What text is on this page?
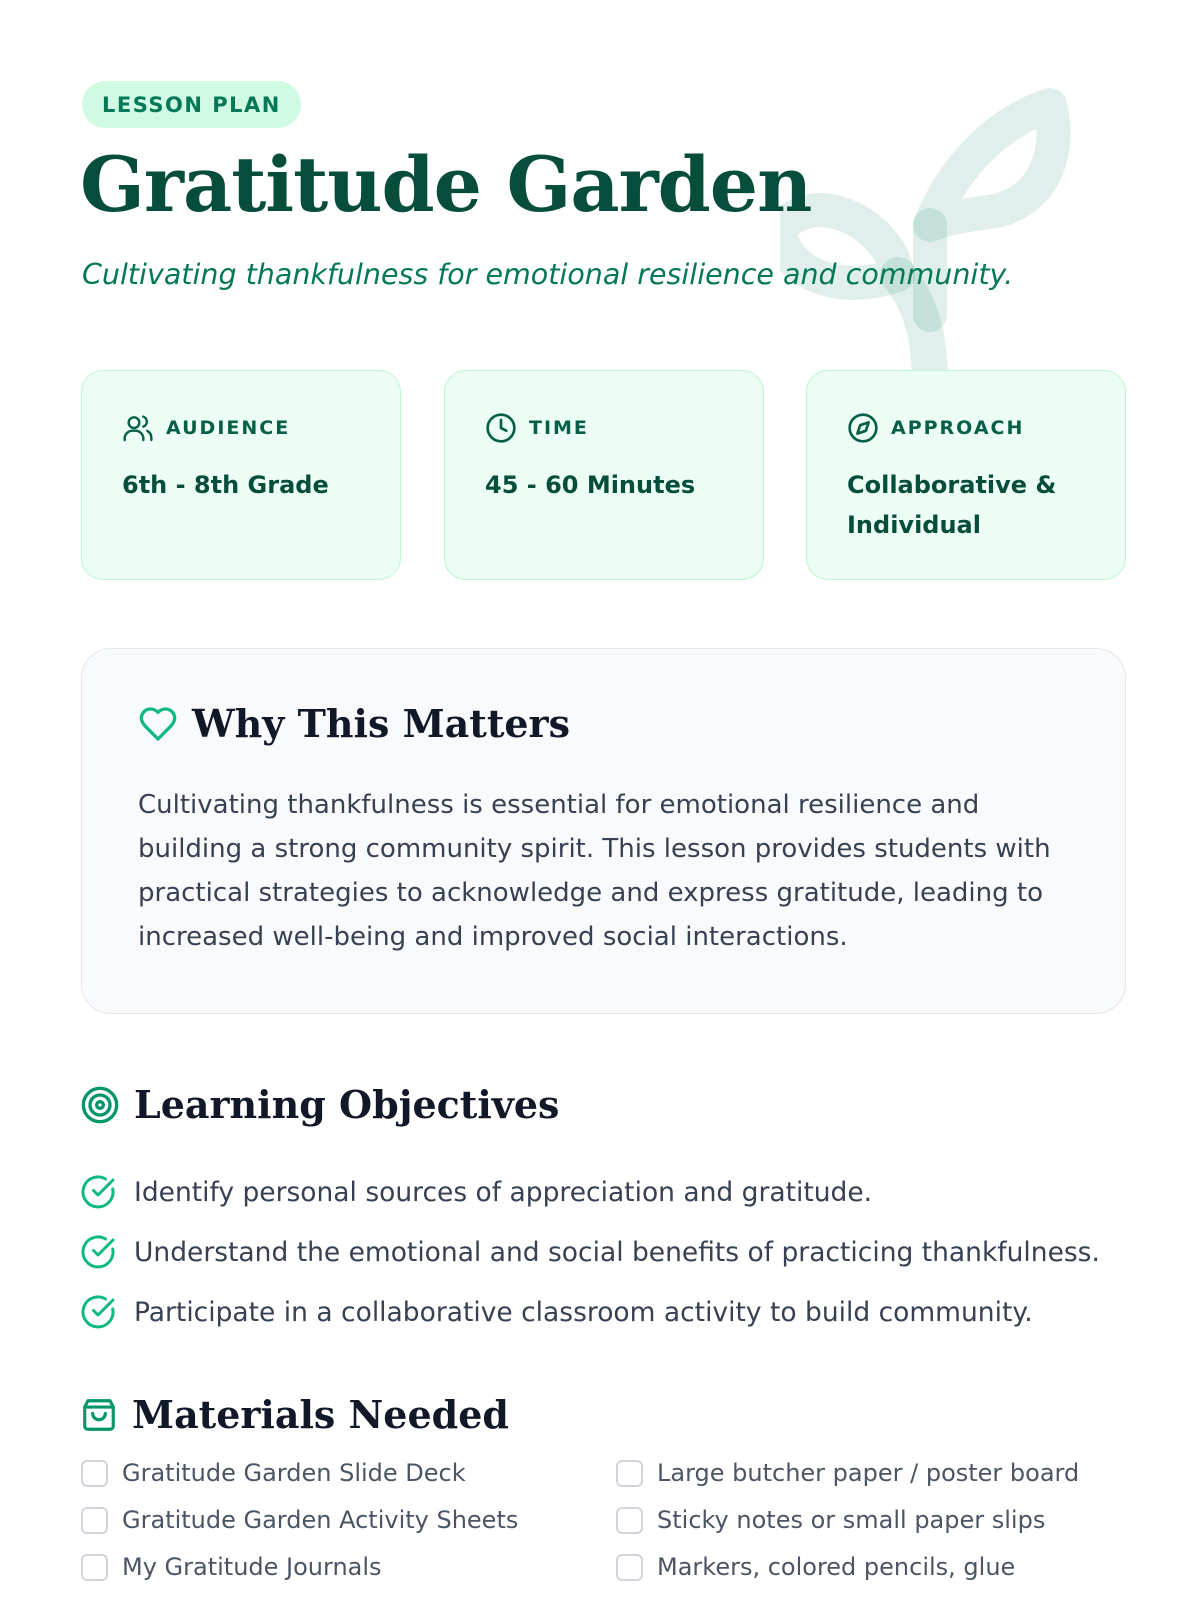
LESSON PLAN
Gratitude Garden

Cultivating thankfulness for emotional resilience and community.

AUDIENCE
6th - 8th Grade
TIME
45 - 60 Minutes
APPROACH
Collaborative & Individual
Why This Matters

Cultivating thankfulness is essential for emotional resilience and building a strong community spirit. This lesson provides students with practical strategies to acknowledge and express gratitude, leading to increased well-being and improved social interactions.

Learning Objectives
Identify personal sources of appreciation and gratitude.
Understand the emotional and social benefits of practicing thankfulness.
Participate in a collaborative classroom activity to build community.
Materials Needed
Gratitude Garden Slide Deck	Large butcher paper / poster board
Gratitude Garden Activity Sheets	Sticky notes or small paper slips
My Gratitude Journals	Markers, colored pencils, glue
